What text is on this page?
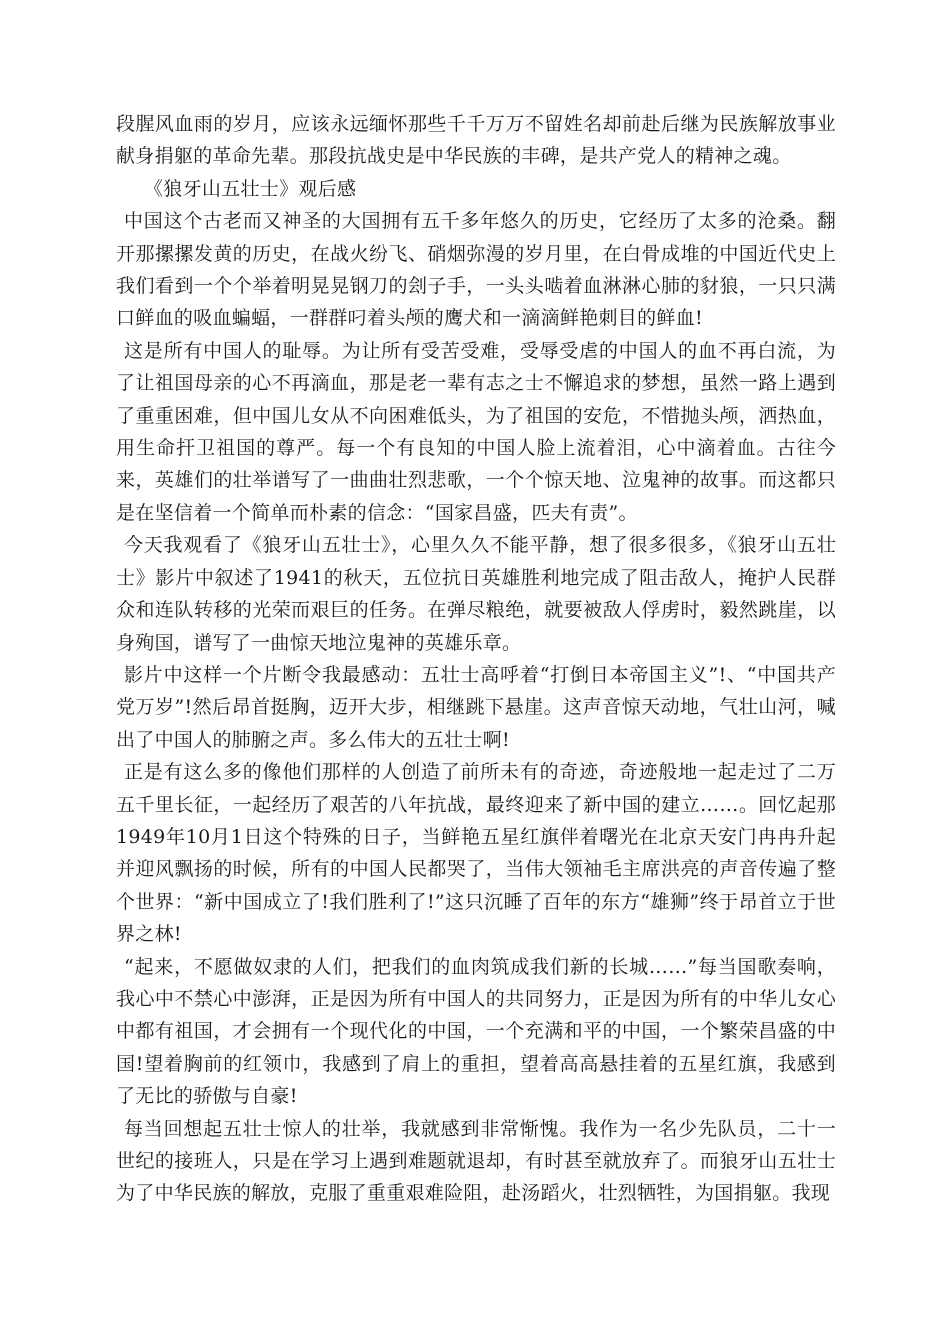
段腥风血雨的岁月，应该永远缅怀那些千千万万不留姓名却前赴后继为民族解放事业献身捐躯的革命先辈。那段抗战史是中华民族的丰碑，是共产党人的精神之魂。

《狼牙山五壮士》观后感

中国这个古老而又神圣的大国拥有五千多年悠久的历史，它经历了太多的沧桑。翻开那摞摞发黄的历史，在战火纷飞、硝烟弥漫的岁月里，在白骨成堆的中国近代史上我们看到一个个举着明晃晃钢刀的刽子手，一头头啮着血淋淋心肺的豺狼，一只只满口鲜血的吸血蝙蝠，一群群叼着头颅的鹰犬和一滴滴鲜艳刺目的鲜血!

这是所有中国人的耻辱。为让所有受苦受难，受辱受虐的中国人的血不再白流，为了让祖国母亲的心不再滴血，那是老一辈有志之士不懈追求的梦想，虽然一路上遇到了重重困难，但中国儿女从不向困难低头，为了祖国的安危，不惜抛头颅，洒热血，用生命扞卫祖国的尊严。每一个有良知的中国人脸上流着泪，心中滴着血。古往今来，英雄们的壮举谱写了一曲曲壮烈悲歌，一个个惊天地、泣鬼神的故事。而这都只是在坚信着一个简单而朴素的信念：“国家昌盛，匹夫有责”。

今天我观看了《狼牙山五壮士》，心里久久不能平静，想了很多很多，《狼牙山五壮士》影片中叙述了1941的秋天，五位抗日英雄胜利地完成了阻击敌人，掩护人民群众和连队转移的光荣而艰巨的任务。在弹尽粮绝，就要被敌人俘虏时，毅然跳崖，以身殉国，谱写了一曲惊天地泣鬼神的英雄乐章。

影片中这样一个片断令我最感动：五壮士高呼着“打倒日本帝国主义”!、“中国共产党万岁”!然后昂首挺胸，迈开大步，相继跳下悬崖。这声音惊天动地，气壮山河，喊出了中国人的肺腑之声。多么伟大的五壮士啊!

正是有这么多的像他们那样的人创造了前所未有的奇迹，奇迹般地一起走过了二万五千里长征，一起经历了艰苦的八年抗战，最终迎来了新中国的建立……。回忆起那1949年10月1日这个特殊的日子，当鲜艳五星红旗伴着曙光在北京天安门冉冉升起并迎风飘扬的时候，所有的中国人民都哭了，当伟大领袖毛主席洪亮的声音传遍了整个世界：“新中国成立了!我们胜利了!”这只沉睡了百年的东方“雄狮”终于昂首立于世界之林!

“起来，不愿做奴隶的人们，把我们的血肉筑成我们新的长城……”每当国歌奏响，我心中不禁心中澎湃，正是因为所有中国人的共同努力，正是因为所有的中华儿女心中都有祖国，才会拥有一个现代化的中国，一个充满和平的中国，一个繁荣昌盛的中国!望着胸前的红领巾，我感到了肩上的重担，望着高高悬挂着的五星红旗，我感到了无比的骄傲与自豪!

每当回想起五壮士惊人的壮举，我就感到非常惭愧。我作为一名少先队员，二十一世纪的接班人，只是在学习上遇到难题就退却，有时甚至就放弃了。而狼牙山五壮士为了中华民族的解放，克服了重重艰难险阻，赴汤蹈火，壮烈牺牲，为国捐躯。我现
